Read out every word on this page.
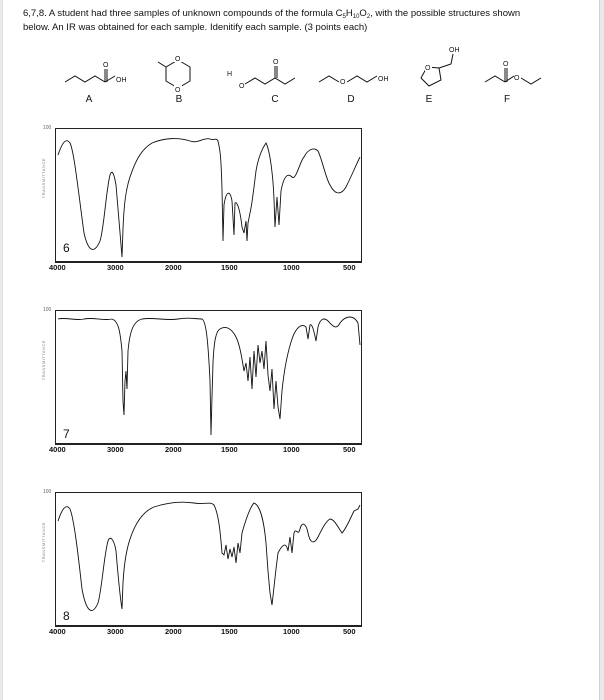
6,7,8. A student had three samples of unknown compounds of the formula $C_5H_{10}O_2$, with the possible structures shown
below. An IR was obtained for each sample. Idenitify each sample. (3 points each)
O
OH
A
O
O
B
H
O
O
C
O	OH
D
OH
O
E
O
O
F
100
TRANSMITTANCE
6
4000	3000	2000	1500	1000	500
100
TRANSMITTANCE
7
4000	3000	2000	1500	1000	500
100
TRANSMITTANCE
8
4000	3000	2000	1500	1000	500
